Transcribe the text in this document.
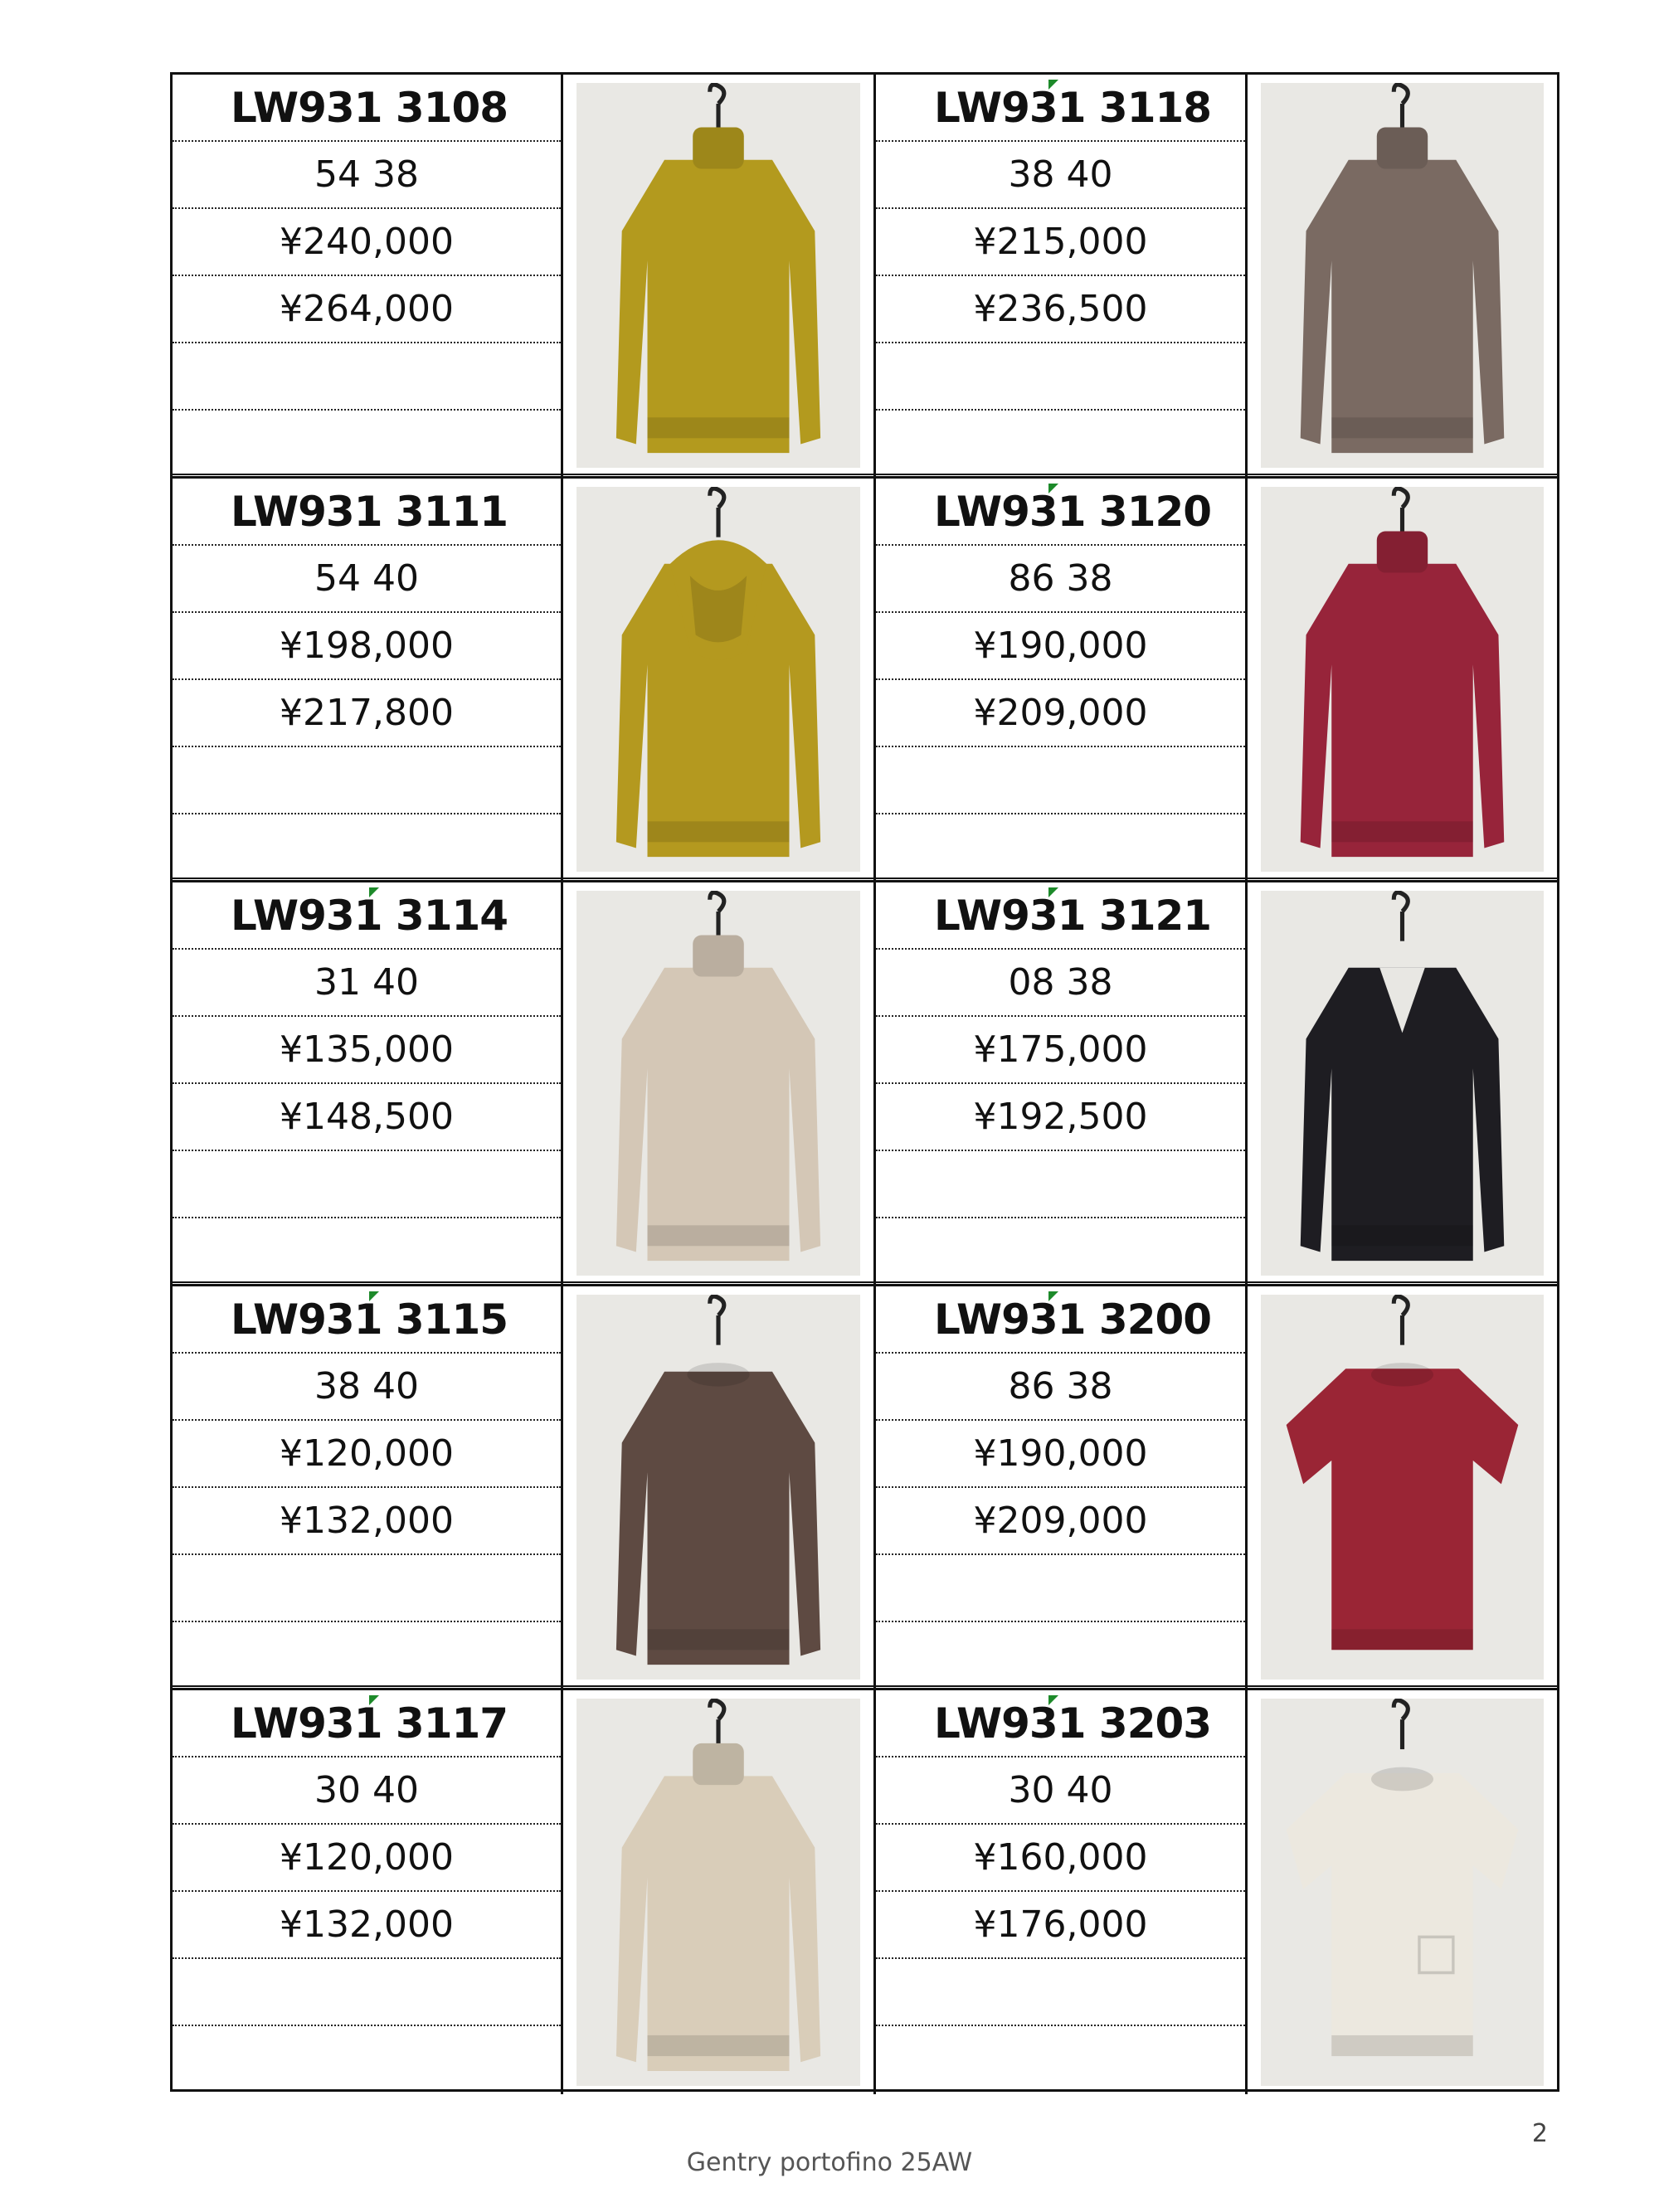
LW931 3108
54 38
¥240,000
¥264,000
LW931 3118
38 40
¥215,000
¥236,500
LW931 3111
54 40
¥198,000
¥217,800
LW931 3120
86 38
¥190,000
¥209,000
LW931 3114
31 40
¥135,000
¥148,500
LW931 3121
08 38
¥175,000
¥192,500
LW931 3115
38 40
¥120,000
¥132,000
LW931 3200
86 38
¥190,000
¥209,000
LW931 3117
30 40
¥120,000
¥132,000
LW931 3203
30 40
¥160,000
¥176,000
2
Gentry portofino 25AW
